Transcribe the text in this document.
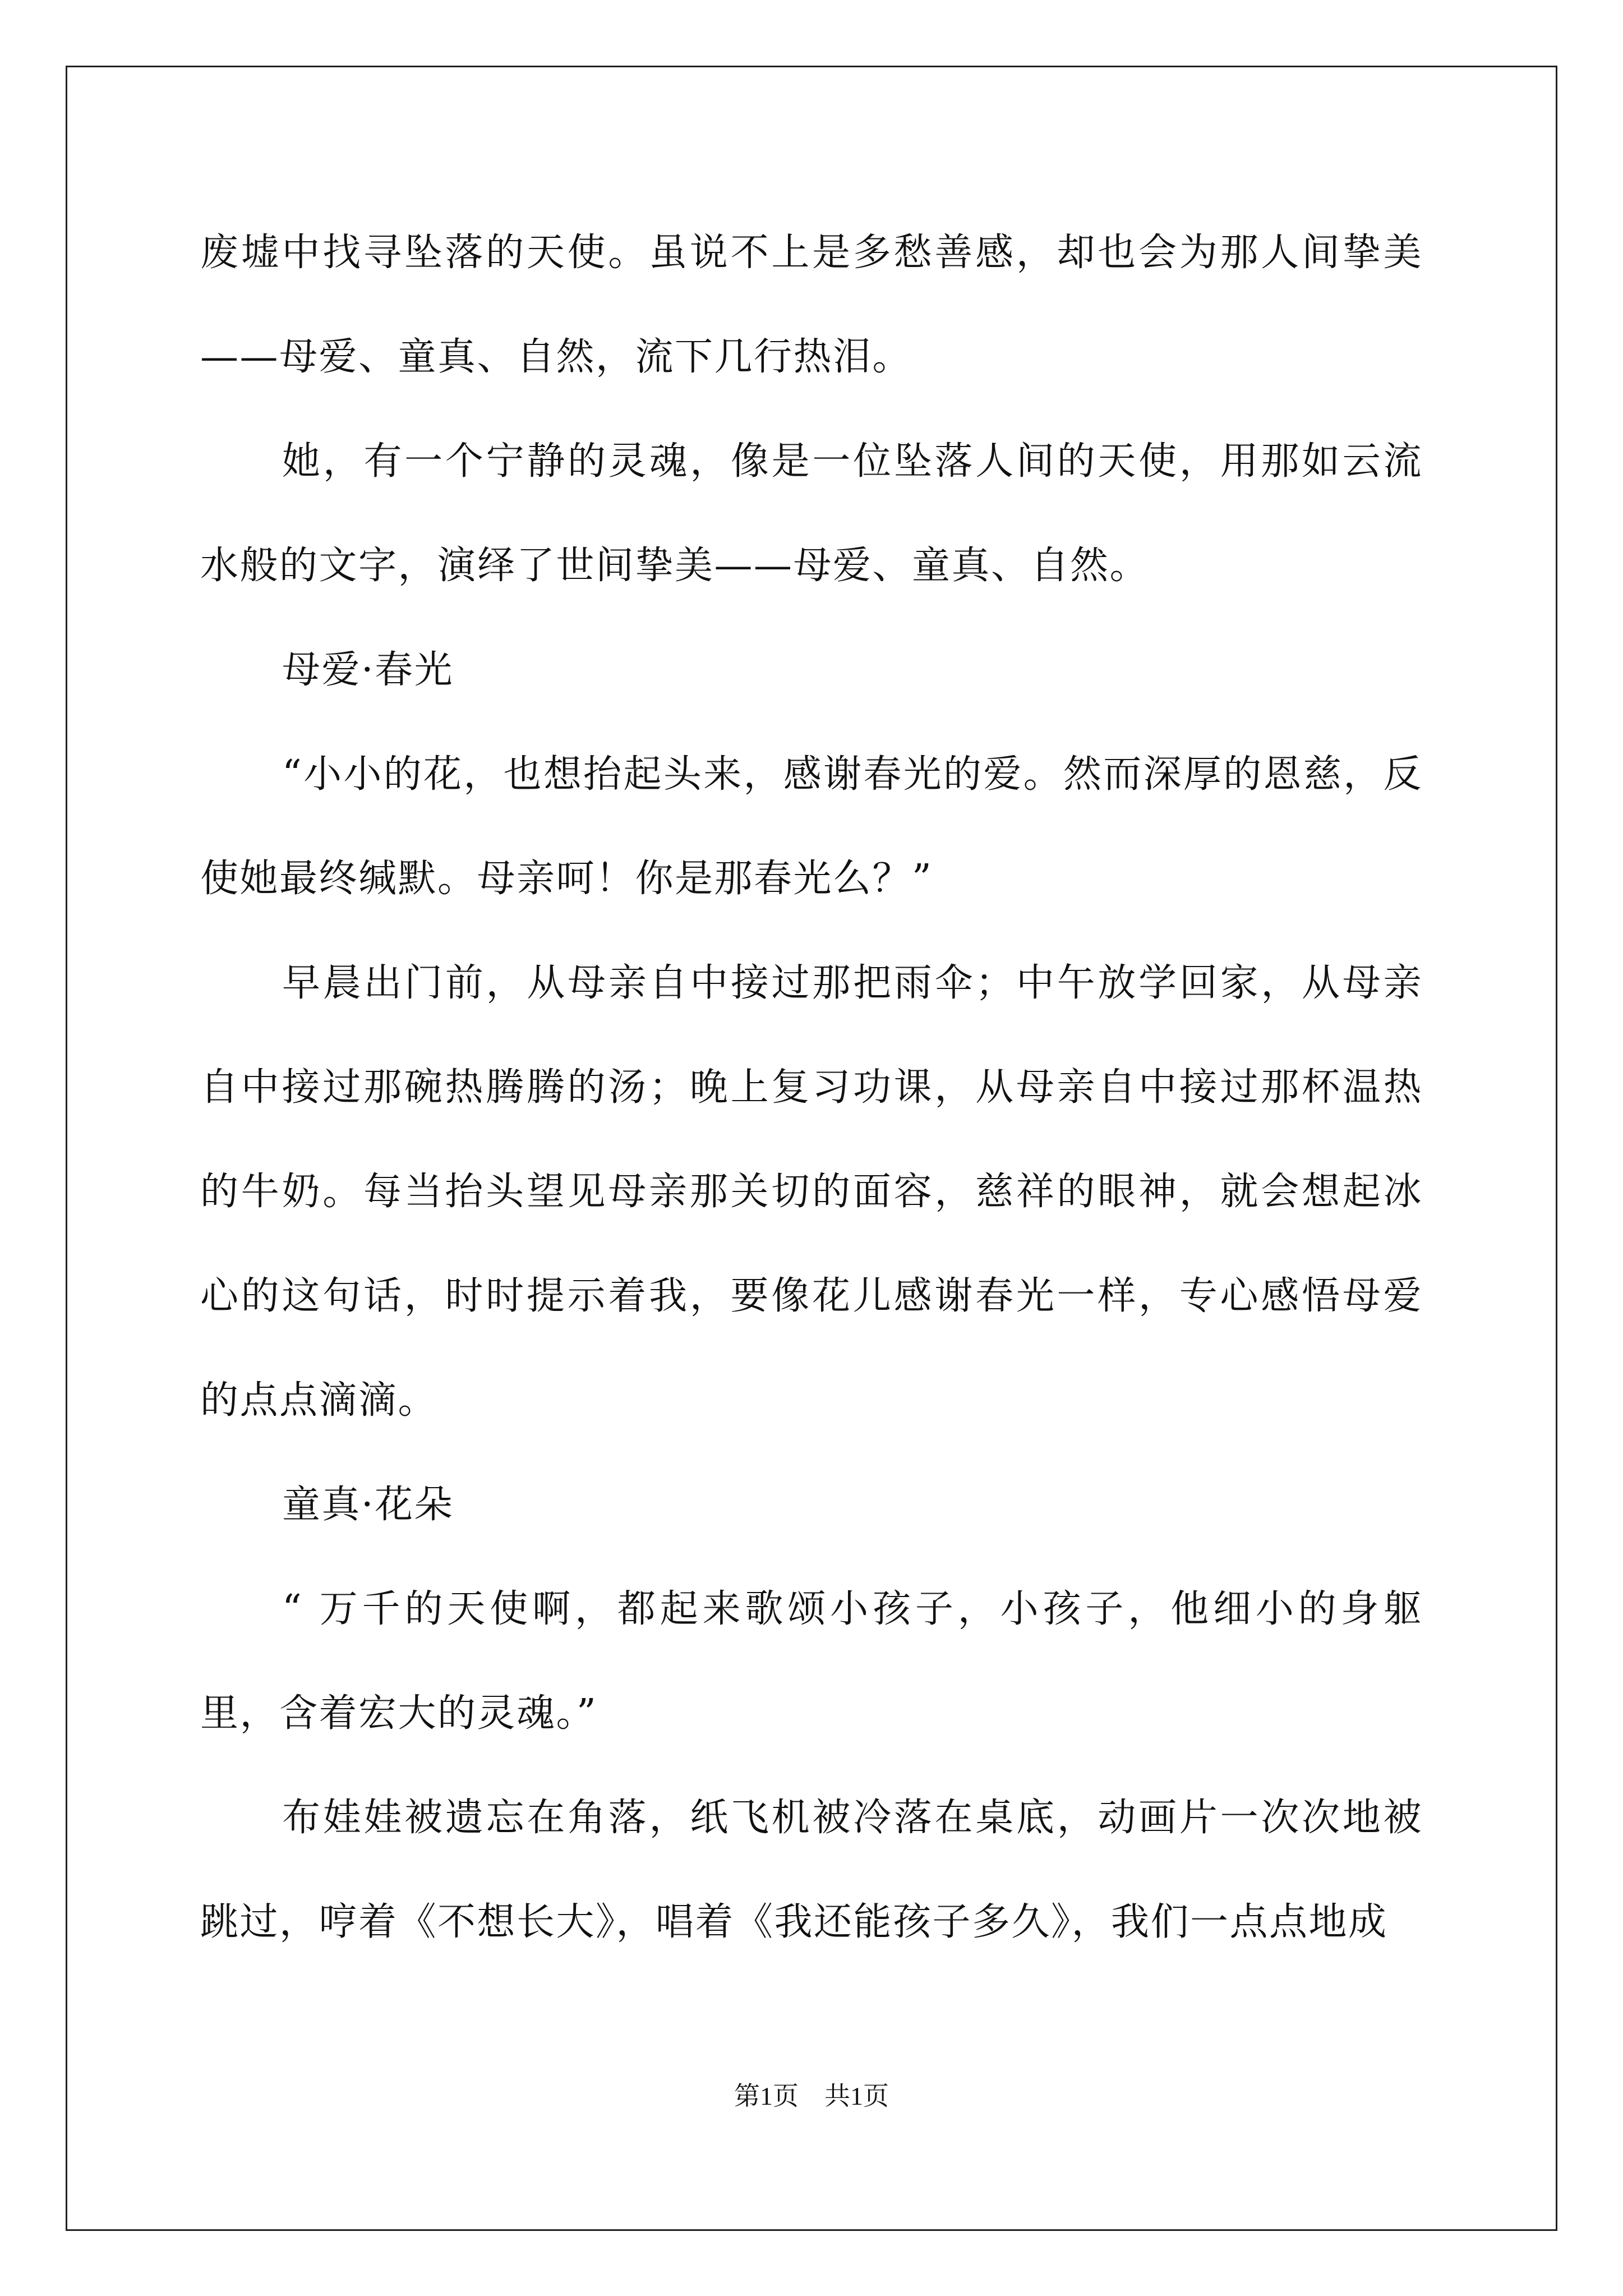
废墟中找寻坠落的天使。虽说不上是多愁善感，却也会为那人间挚美——母爱、童真、自然，流下几行热泪。

她，有一个宁静的灵魂，像是一位坠落人间的天使，用那如云流水般的文字，演绎了世间挚美——母爱、童真、自然。

母爱·春光

“小小的花，也想抬起头来，感谢春光的爱。然而深厚的恩慈，反使她最终缄默。母亲呵！你是那春光么？”

早晨出门前，从母亲自中接过那把雨伞；中午放学回家，从母亲自中接过那碗热腾腾的汤；晚上复习功课，从母亲自中接过那杯温热的牛奶。每当抬头望见母亲那关切的面容，慈祥的眼神，就会想起冰心的这句话，时时提示着我，要像花儿感谢春光一样，专心感悟母爱的点点滴滴。

童真·花朵

“ 万千的天使啊，都起来歌颂小孩子，小孩子，他细小的身躯里，含着宏大的灵魂。”

布娃娃被遗忘在角落，纸飞机被冷落在桌底，动画片一次次地被跳过，哼着《不想长大》，唱着《我还能孩子多久》，我们一点点地成

第1页　共1页
